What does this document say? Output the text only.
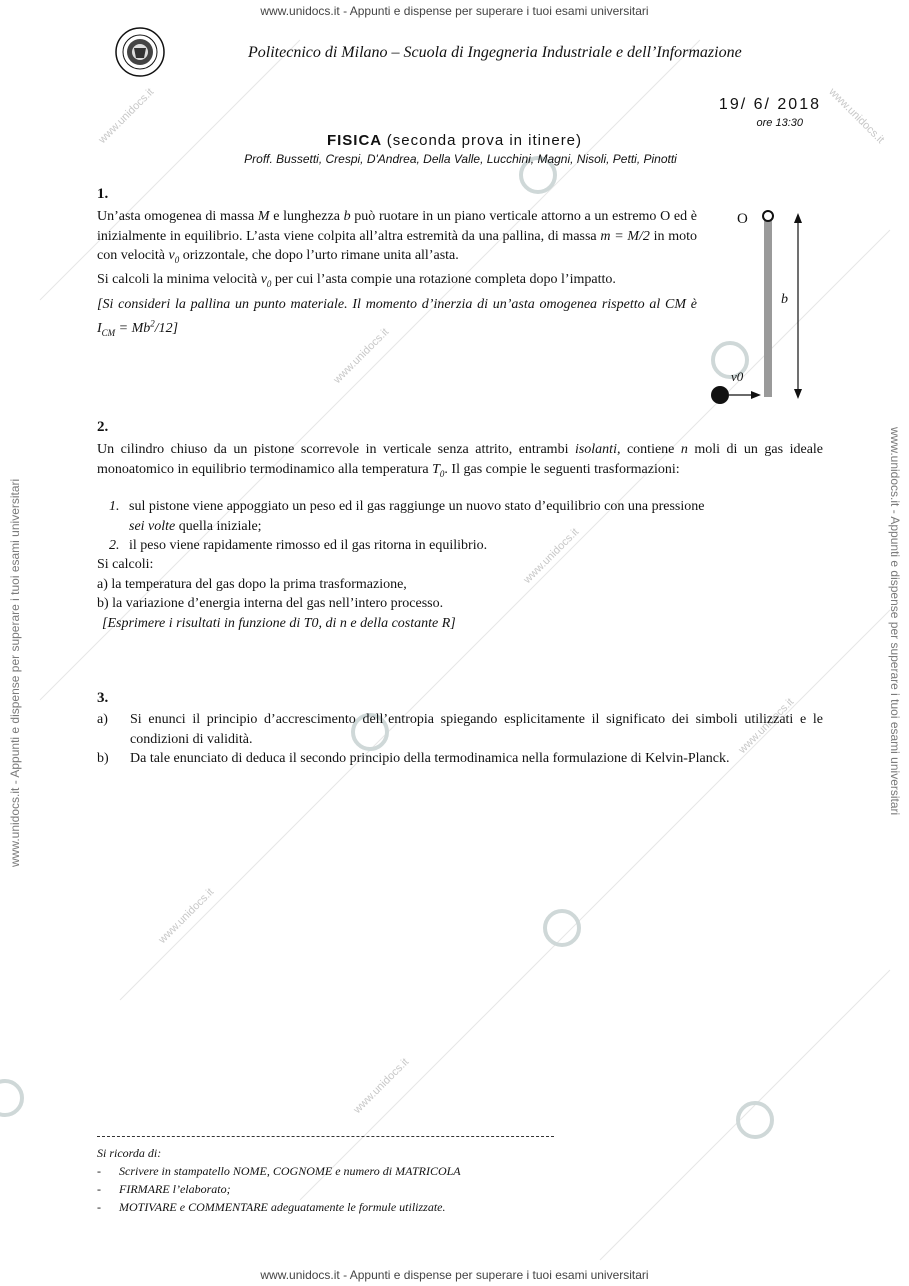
www.unidocs.it - Appunti e dispense per superare i tuoi esami universitari
www.unidocs.it - Appunti e dispense per superare i tuoi esami universitari
www.unidocs.it - Appunti e dispense per superare i tuoi esami universitari	www.unidocs.it - Appunti e dispense per superare i tuoi esami universitari
www.unidocs.it
www.unidocs.it
www.unidocs.it
www.unidocs.it
www.unidocs.it
www.unidocs.it
www.unidocs.it
Politecnico di Milano – Scuola di Ingegneria Industriale e dell’Informazione
19/ 6/ 2018
ore 13:30
FISICA (seconda prova in itinere)
Proff. Bussetti, Crespi, D'Andrea, Della Valle, Lucchini, Magni, Nisoli, Petti, Pinotti
1.
Un’asta omogenea di massa M e lunghezza b può ruotare in un piano verticale attorno a un estremo O ed è inizialmente in equilibrio. L’asta viene colpita all’altra estremità da una pallina, di massa m = M/2 in moto con velocità $v_0$ orizzontale, che dopo l’urto rimane unita all’asta.
Si calcoli la minima velocità $v_0$ per cui l’asta compie una rotazione completa dopo l’impatto.
[Si consideri la pallina un punto materiale. Il momento d’inerzia di un’asta omogenea rispetto al CM è $I_{CM} = Mb^2/12$]
O
b
v0
2.
Un cilindro chiuso da un pistone scorrevole in verticale senza attrito, entrambi isolanti, contiene n moli di un gas ideale monoatomico in equilibrio termodinamico alla temperatura $T_0$. Il gas compie le seguenti trasformazioni:
1. sul pistone viene appoggiato un peso ed il gas raggiunge un nuovo stato d’equilibrio con una pressione
sei volte quella iniziale;
2. il peso viene rapidamente rimosso ed il gas ritorna in equilibrio.
Si calcoli:
a) la temperatura del gas dopo la prima trasformazione,
b) la variazione d’energia interna del gas nell’intero processo.
[Esprimere i risultati in funzione di T0, di n e della costante R]
3.
a)	Si enunci il principio d’accrescimento dell’entropia spiegando esplicitamente il significato dei simboli utilizzati e le condizioni di validità.
b)	Da tale enunciato di deduca il secondo principio della termodinamica nella formulazione di Kelvin-Planck.
Si ricorda di:
-	Scrivere in stampatello NOME, COGNOME e numero di MATRICOLA
-	FIRMARE l’elaborato;
-	MOTIVARE e COMMENTARE adeguatamente le formule utilizzate.
